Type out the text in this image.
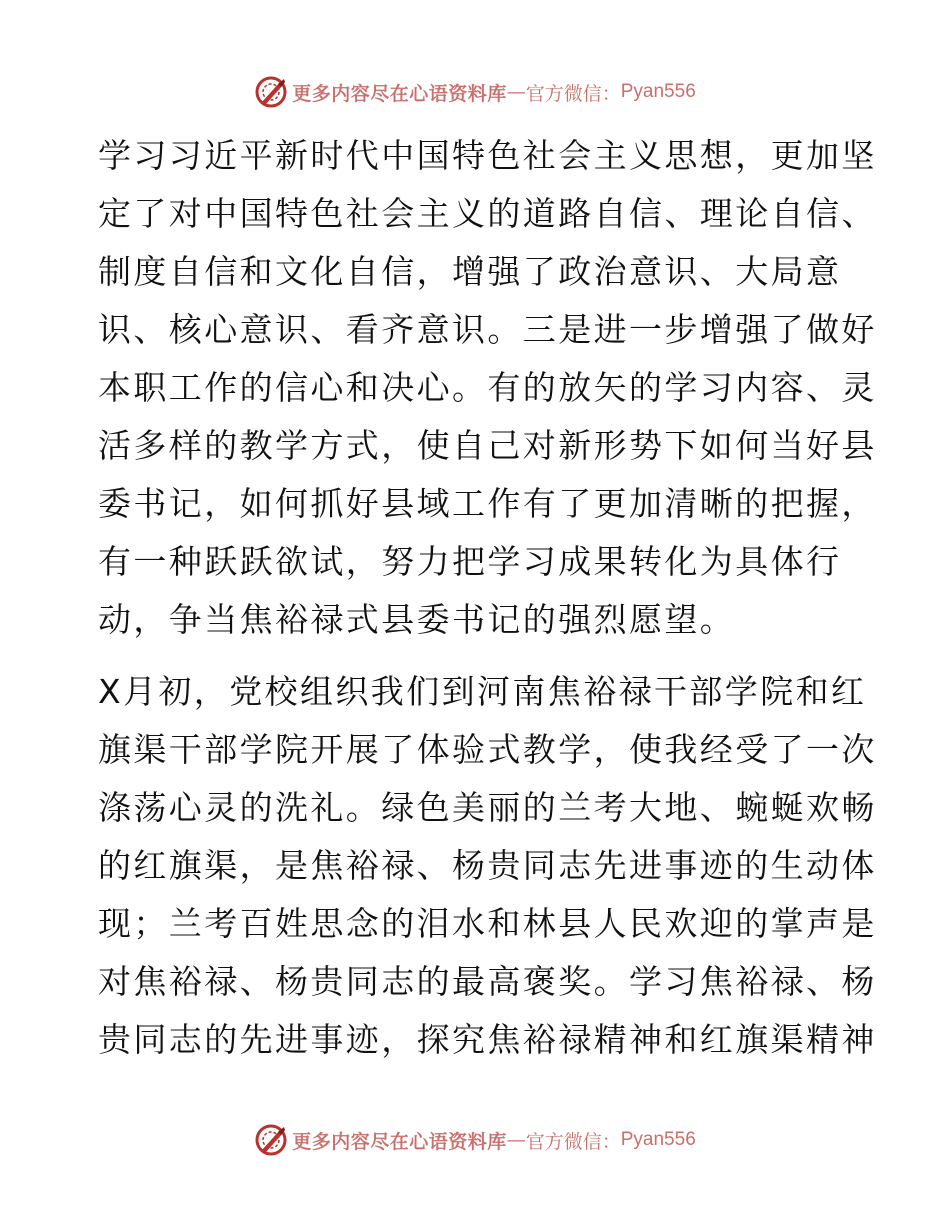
更多内容尽在心语资料库 — 官方微信： Pyan556
学习习近平新时代中国特色社会主义思想，更加坚
定了对中国特色社会主义的道路自信、理论自信、
制度自信和文化自信，增强了政治意识、大局意
识、核心意识、看齐意识。三是进一步增强了做好
本职工作的信心和决心。有的放矢的学习内容、灵
活多样的教学方式，使自己对新形势下如何当好县
委书记，如何抓好县域工作有了更加清晰的把握，
有一种跃跃欲试，努力把学习成果转化为具体行
动，争当焦裕禄式县委书记的强烈愿望。
X月初，党校组织我们到河南焦裕禄干部学院和红
旗渠干部学院开展了体验式教学，使我经受了一次
涤荡心灵的洗礼。绿色美丽的兰考大地、蜿蜒欢畅
的红旗渠，是焦裕禄、杨贵同志先进事迹的生动体
现；兰考百姓思念的泪水和林县人民欢迎的掌声是
对焦裕禄、杨贵同志的最高褒奖。学习焦裕禄、杨
贵同志的先进事迹，探究焦裕禄精神和红旗渠精神
更多内容尽在心语资料库 — 官方微信： Pyan556
